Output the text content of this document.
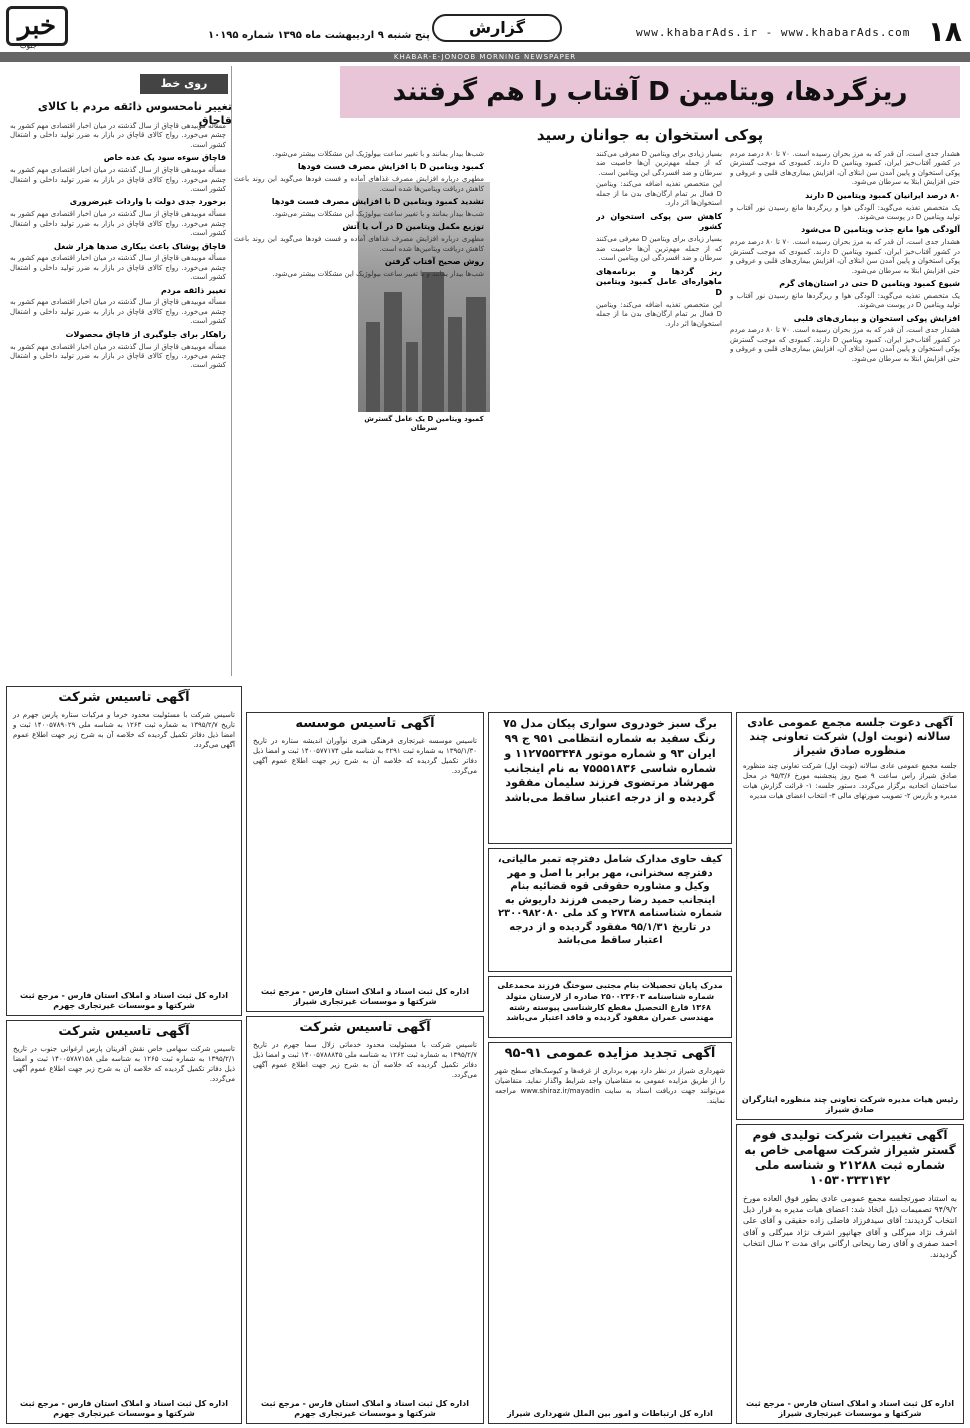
۱۸
www.khabarAds.ir - www.khabarAds.com
گزارش
پنج شنبه ۹ اردیبهشت ماه ۱۳۹۵ شماره ۱۰۱۹۵
خبر
جنوب
KHABAR-E-JONOOB MORNING NEWSPAPER
ریزگردها، ویتامین D آفتاب را هم گرفتند
پوکی استخوان به جوانان رسید

هشدار جدی است، آن قدر که به مرز بحران رسیده است. ۷۰ تا ۸۰ درصد مردم در کشور آفتاب‌خیز ایران، کمبود ویتامین D دارند. کمبودی که موجب گسترش پوکی استخوان و پایین آمدن سن ابتلای آن، افزایش بیماری‌های قلبی و عروقی و حتی افزایش ابتلا به سرطان می‌شود.

۸۰ درصد ایرانیان کمبود ویتامین D دارند

یک متخصص تغذیه می‌گوید: آلودگی هوا و ریزگردها مانع رسیدن نور آفتاب و تولید ویتامین D در پوست می‌شوند.

آلودگی هوا مانع جذب ویتامین D می‌شود

هشدار جدی است، آن قدر که به مرز بحران رسیده است. ۷۰ تا ۸۰ درصد مردم در کشور آفتاب‌خیز ایران، کمبود ویتامین D دارند. کمبودی که موجب گسترش پوکی استخوان و پایین آمدن سن ابتلای آن، افزایش بیماری‌های قلبی و عروقی و حتی افزایش ابتلا به سرطان می‌شود.

شیوع کمبود ویتامین D حتی در استان‌های گرم

یک متخصص تغذیه می‌گوید: آلودگی هوا و ریزگردها مانع رسیدن نور آفتاب و تولید ویتامین D در پوست می‌شوند.

افزایش پوکی استخوان و بیماری‌های قلبی

هشدار جدی است، آن قدر که به مرز بحران رسیده است. ۷۰ تا ۸۰ درصد مردم در کشور آفتاب‌خیز ایران، کمبود ویتامین D دارند. کمبودی که موجب گسترش پوکی استخوان و پایین آمدن سن ابتلای آن، افزایش بیماری‌های قلبی و عروقی و حتی افزایش ابتلا به سرطان می‌شود.

بسیار زیادی برای ویتامین D معرفی می‌کنند که از جمله مهم‌ترین آن‌ها خاصیت ضد سرطان و ضد افسردگی این ویتامین است.

این متخصص تغذیه اضافه می‌کند: ویتامین D فعال بر تمام ارگان‌های بدن ما از جمله استخوان‌ها اثر دارد.

کاهش سن پوکی استخوان در کشور

بسیار زیادی برای ویتامین D معرفی می‌کنند که از جمله مهم‌ترین آن‌ها خاصیت ضد سرطان و ضد افسردگی این ویتامین است.

ریز گردها و برنامه‌های ماهواره‌ای عامل کمبود ویتامین D

این متخصص تغذیه اضافه می‌کند: ویتامین D فعال بر تمام ارگان‌های بدن ما از جمله استخوان‌ها اثر دارد.

کمبود ویتامین D یک عامل گسترش سرطان

شب‌ها بیدار بمانند و با تغییر ساعت بیولوژیک این مشکلات بیشتر می‌شود.

کمبود ویتامین D با افزایش مصرف فست فودها

مطهری درباره افزایش مصرف غذاهای آماده و فست فودها می‌گوید این روند باعث کاهش دریافت ویتامین‌ها شده است.

تشدید کمبود ویتامین D با افزایش مصرف فست فودها

شب‌ها بیدار بمانند و با تغییر ساعت بیولوژیک این مشکلات بیشتر می‌شود.

توزیع مکمل ویتامین D در آب یا آتش

مطهری درباره افزایش مصرف غذاهای آماده و فست فودها می‌گوید این روند باعث کاهش دریافت ویتامین‌ها شده است.

روش صحیح آفتاب گرفتن

شب‌ها بیدار بمانند و با تغییر ساعت بیولوژیک این مشکلات بیشتر می‌شود.

روی خط
تغییر نامحسوس ذائقه مردم با کالای قاچاق

مسأله موبیدهی قاچاق از سال گذشته در میان اخبار اقتصادی مهم کشور به چشم می‌خورد. رواج کالای قاچاق در بازار به ضرر تولید داخلی و اشتغال کشور است.

قاچاق سوءه سود یک عده خاص

مسأله موبیدهی قاچاق از سال گذشته در میان اخبار اقتصادی مهم کشور به چشم می‌خورد. رواج کالای قاچاق در بازار به ضرر تولید داخلی و اشتغال کشور است.

برخورد جدی دولت با واردات غیرضروری

مسأله موبیدهی قاچاق از سال گذشته در میان اخبار اقتصادی مهم کشور به چشم می‌خورد. رواج کالای قاچاق در بازار به ضرر تولید داخلی و اشتغال کشور است.

قاچاق پوشاک باعث بیکاری صدها هزار شغل

مسأله موبیدهی قاچاق از سال گذشته در میان اخبار اقتصادی مهم کشور به چشم می‌خورد. رواج کالای قاچاق در بازار به ضرر تولید داخلی و اشتغال کشور است.

تغییر ذائقه مردم

مسأله موبیدهی قاچاق از سال گذشته در میان اخبار اقتصادی مهم کشور به چشم می‌خورد. رواج کالای قاچاق در بازار به ضرر تولید داخلی و اشتغال کشور است.

راهکار برای جلوگیری از قاچاق محصولات

مسأله موبیدهی قاچاق از سال گذشته در میان اخبار اقتصادی مهم کشور به چشم می‌خورد. رواج کالای قاچاق در بازار به ضرر تولید داخلی و اشتغال کشور است.

آگهی دعوت جلسه مجمع عمومی عادی سالانه (نوبت اول) شرکت تعاونی چند منظوره صادق شیراز
جلسه مجمع عمومی عادی سالانه (نوبت اول) شرکت تعاونی چند منظوره صادق شیراز راس ساعت ۹ صبح روز پنجشنبه مورخ ۹۵/۳/۶ در محل ساختمان اتحادیه برگزار می‌گردد. دستور جلسه: ۱- قرائت گزارش هیات مدیره و بازرس ۲- تصویب صورتهای مالی ۳- انتخاب اعضای هیات مدیره
رئیس هیات مدیره شرکت تعاونی چند منظوره ایثارگران صادق شیراز
آگهی تغییرات شرکت تولیدی فوم گستر شیراز شرکت سهامی خاص به شماره ثبت ۲۱۲۸۸ و شناسه ملی ۱۰۵۳۰۳۳۳۱۴۲
به استناد صورتجلسه مجمع عمومی عادی بطور فوق العاده مورخ ۹۴/۹/۲ تصمیمات ذیل اتخاذ شد: اعضای هیات مدیره به قرار ذیل انتخاب گردیدند: آقای سیدفرزاد فاضلی زاده حقیقی و آقای علی اشرف نژاد میرگلی و آقای جهانپور اشرف نژاد میرگلی و آقای احمد صفری و آقای رضا ریحانی ارگانی برای مدت ۲ سال انتخاب گردیدند.
اداره کل ثبت اسناد و املاک استان فارس - مرجع ثبت شرکتها و موسسات غیرتجاری شیراز
برگ سبز خودروی سواری پیکان مدل ۷۵ رنگ سفید به شماره انتظامی ۹۵۱ ج ۹۹ ایران ۹۳ و شماره موتور ۱۱۲۷۵۵۳۴۴۸ و شماره شاسی ۷۵۵۵۱۸۳۶ به نام اینجانب مهرشاد مرتضوی فرزند سلیمان مفقود گردیده و از درجه اعتبار ساقط می‌باشد
کیف حاوی مدارک شامل دفترچه تمبر مالیاتی، دفترچه سخنرانی، مهر برابر با اصل و مهر وکیل و مشاوره حقوقی قوه قضائیه بنام اینجانب حمید رضا رحیمی فرزند داریوش به شماره شناسنامه ۲۷۳۸ و کد ملی ۲۳۰۰۹۸۲۰۸۰ در تاریخ ۹۵/۱/۳۱ مفقود گردیده و از درجه اعتبار ساقط می‌باشد
مدرک پایان تحصیلات بنام مجتبی سوختگ فرزند محمدعلی شماره شناسنامه ۲۵۰۰۲۳۶۰۳ صادره از لارستان متولد ۱۳۶۸ فارغ التحصیل مقطع کارشناسی پیوسته رشته مهندسی عمران مفقود گردیده و فاقد اعتبار می‌باشد
آگهی تجدید مزایده عمومی ۹۱-۹۵
شهرداری شیراز در نظر دارد بهره برداری از غرفه‌ها و کیوسک‌های سطح شهر را از طریق مزایده عمومی به متقاضیان واجد شرایط واگذار نماید. متقاضیان می‌توانند جهت دریافت اسناد به سایت www.shiraz.ir/mayadin مراجعه نمایند.
اداره کل ارتباطات و امور بین الملل شهرداری شیراز
آگهی تاسیس موسسه
تاسیس موسسه غیرتجاری فرهنگی هنری نوآوران اندیشه ستاره در تاریخ ۱۳۹۵/۱/۳۰ به شماره ثبت ۴۲۹۱ به شناسه ملی ۱۴۰۰۵۷۷۱۷۴ ثبت و امضا ذیل دفاتر تکمیل گردیده که خلاصه آن به شرح زیر جهت اطلاع عموم آگهی می‌گردد.
اداره کل ثبت اسناد و املاک استان فارس - مرجع ثبت شرکتها و موسسات غیرتجاری شیراز
آگهی تاسیس شرکت
تاسیس شرکت با مسئولیت محدود خدماتی زلال سما جهرم در تاریخ ۱۳۹۵/۲/۷ به شماره ثبت ۱۲۶۲ به شناسه ملی ۱۴۰۰۵۷۸۸۸۴۵ ثبت و امضا ذیل دفاتر تکمیل گردیده که خلاصه آن به شرح زیر جهت اطلاع عموم آگهی می‌گردد.
اداره کل ثبت اسناد و املاک استان فارس - مرجع ثبت شرکتها و موسسات غیرتجاری جهرم
آگهی تاسیس شرکت
تاسیس شرکت با مسئولیت محدود خرما و مرکبات ستاره پارس جهرم در تاریخ ۱۳۹۵/۲/۷ به شماره ثبت ۱۲۶۳ به شناسه ملی ۱۴۰۰۵۷۸۹۰۲۹ ثبت و امضا ذیل دفاتر تکمیل گردیده که خلاصه آن به شرح زیر جهت اطلاع عموم آگهی می‌گردد.
اداره کل ثبت اسناد و املاک استان فارس - مرجع ثبت شرکتها و موسسات غیرتجاری جهرم
آگهی تاسیس شرکت
تاسیس شرکت سهامی خاص نقش آفرینان پارس ارغوانی جنوب در تاریخ ۱۳۹۵/۲/۱ به شماره ثبت ۱۲۶۵ به شناسه ملی ۱۴۰۰۵۷۸۷۱۵۸ ثبت و امضا ذیل دفاتر تکمیل گردیده که خلاصه آن به شرح زیر جهت اطلاع عموم آگهی می‌گردد.
اداره کل ثبت اسناد و املاک استان فارس - مرجع ثبت شرکتها و موسسات غیرتجاری جهرم
